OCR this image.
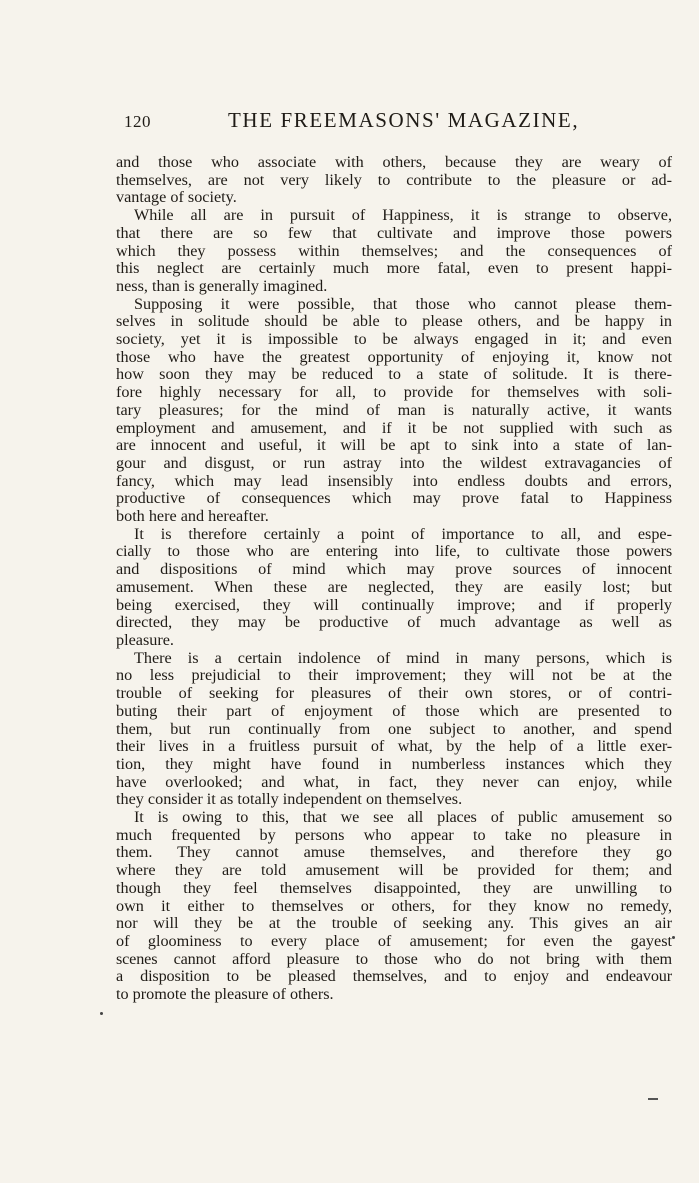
120	THE FREEMASONS' MAGAZINE,
and those who associate with others, because they are weary of
themselves, are not very likely to contribute to the pleasure or ad-
vantage of society.
While all are in pursuit of Happiness, it is strange to observe,
that there are so few that cultivate and improve those powers
which they possess within themselves; and the consequences of
this neglect are certainly much more fatal, even to present happi-
ness, than is generally imagined.
Supposing it were possible, that those who cannot please them-
selves in solitude should be able to please others, and be happy in
society, yet it is impossible to be always engaged in it; and even
those who have the greatest opportunity of enjoying it, know not
how soon they may be reduced to a state of solitude. It is there-
fore highly necessary for all, to provide for themselves with soli-
tary pleasures; for the mind of man is naturally active, it wants
employment and amusement, and if it be not supplied with such as
are innocent and useful, it will be apt to sink into a state of lan-
gour and disgust, or run astray into the wildest extravagancies of
fancy, which may lead insensibly into endless doubts and errors,
productive of consequences which may prove fatal to Happiness
both here and hereafter.
It is therefore certainly a point of importance to all, and espe-
cially to those who are entering into life, to cultivate those powers
and dispositions of mind which may prove sources of innocent
amusement. When these are neglected, they are easily lost; but
being exercised, they will continually improve; and if properly
directed, they may be productive of much advantage as well as
pleasure.
There is a certain indolence of mind in many persons, which is
no less prejudicial to their improvement; they will not be at the
trouble of seeking for pleasures of their own stores, or of contri-
buting their part of enjoyment of those which are presented to
them, but run continually from one subject to another, and spend
their lives in a fruitless pursuit of what, by the help of a little exer-
tion, they might have found in numberless instances which they
have overlooked; and what, in fact, they never can enjoy, while
they consider it as totally independent on themselves.
It is owing to this, that we see all places of public amusement so
much frequented by persons who appear to take no pleasure in
them. They cannot amuse themselves, and therefore they go
where they are told amusement will be provided for them; and
though they feel themselves disappointed, they are unwilling to
own it either to themselves or others, for they know no remedy,
nor will they be at the trouble of seeking any. This gives an air
of gloominess to every place of amusement; for even the gayest
scenes cannot afford pleasure to those who do not bring with them
a disposition to be pleased themselves, and to enjoy and endeavour
to promote the pleasure of others.
